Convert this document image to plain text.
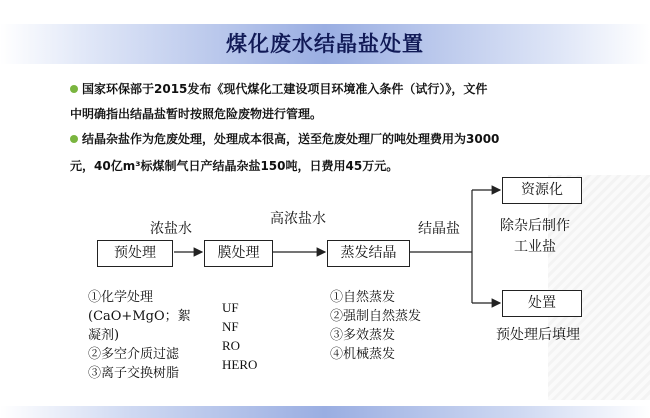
煤化废水结晶盐处置
国家环保部于2015发布《现代煤化工建设项目环境准入条件（试行）》，文件
中明确指出结晶盐暂时按照危险废物进行管理。
结晶杂盐作为危废处理，处理成本很高，送至危废处理厂的吨处理费用为3000
元，40亿m³标煤制气日产结晶杂盐150吨，日费用45万元。
预处理	膜处理	蒸发结晶
资源化
处置
浓盐水
高浓盐水
结晶盐	除杂后制作
工业盐
预处理后填埋
①化学处理
(CaO+MgO；絮
凝剂)
②多空介质过滤
③离子交换树脂
UF
NF
RO
HERO
①自然蒸发
②强制自然蒸发
③多效蒸发
④机械蒸发
